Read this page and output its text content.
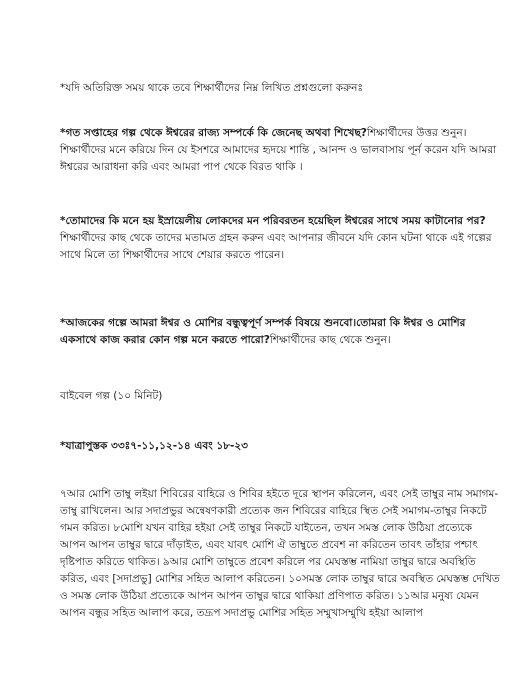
*যদি অতিরিক্ত সময় থাকে তবে শিক্ষার্থীদের নিম্ন লিখিত প্রশ্নগুলো করুনঃ

*গত সপ্তাহের গল্প থেকে ঈশ্বরের রাজ্য সম্পর্কে কি জেনেছ অথবা শিখেছ?শিক্ষার্থীদের উত্তর শুনুন।শিক্ষার্থীদের মনে করিয়ে দিন যে ইসশরে আমাদের হৃদয়ে শান্তি , আনন্দ ও ভালবাসায় পূর্ন করেন যদি আমরা ঈশ্বরের আরাধনা করি এবং আমরা পাপ থেকে বিরত থাকি ।

*তোমাদের কি মনে হয় ইস্রায়েলীয় লোকদের মন পরিবরতন হয়েছিল ঈশ্বরের সাথে সময় কাটানোর পর?শিক্ষার্থীদের কাছ থেকে তাদের মতামত গ্রহন করুন এবং আপনার জীবনে যদি কোন ঘটনা থাকে এই গল্পের সাথে মিলে তা শিক্ষার্থীদের সাথে শেয়ার করতে পারেন।

*আজকের গল্পে আমরা ঈশ্বর ও মোশির বন্ধুত্বপূর্ণ সম্পর্ক বিষয়ে শুনবো।তোমরা কি ঈশ্বর ও মোশির একসাথে কাজ করার কোন গল্প মনে করতে পারো?শিক্ষার্থীদের কাছ থেকে শুনুন।

বাইবেল গল্প (১০ মিনিট)

*যাত্রাপুস্তক ৩৩ঃ৭-১১,১২-১৪ এবং ১৮-২৩

৭আর মোশি তাম্বু লইয়া শিবিরের বাহিরে ও শিবির হইতে দূরে স্থাপন করিলেন, এবং সেই তাম্বুর নাম সমাগম-তাম্বু রাখিলেন। আর সদাপ্রভুর অন্বেষণকারী প্রত্যেক জন শিবিরের বাহিরে স্থিত সেই সমাগম-তাম্বুর নিকটে গমন করিত। ৮মোশি যখন বাহির হইয়া সেই তাম্বুর নিকটে যাইতেন, তখন সমস্ত লোক উঠিয়া প্রত্যেকে আপন আপন তাম্বুর দ্বারে দাঁড়াইত, এবং যাবৎ মোশি ঐ তাম্বুতে প্রবেশ না করিতেন তাবৎ তাঁহার পশ্চাৎ দৃষ্টিপাত করিতে থাকিত। ৯আর মোশি তাম্বুতে প্রবেশ করিলে পর মেঘস্তম্ভ নামিয়া তাম্বুর দ্বারে অবস্থিতি করিত, এবং [সদাপ্রভু] মোশির সহিত আলাপ করিতেন। ১০সমস্ত লোক তাম্বুর দ্বারে অবস্থিত মেঘস্তম্ভ দেখিত ও সমস্ত লোক উঠিয়া প্রত্যেকে আপন আপন তাম্বুর দ্বারে থাকিয়া প্রণিপাত করিত। ১১আর মনুষ্য যেমন আপন বন্ধুর সহিত আলাপ করে, তদ্রূপ সদাপ্রভু মোশির সহিত সম্মুখাসম্মুখি হইয়া আলাপ
